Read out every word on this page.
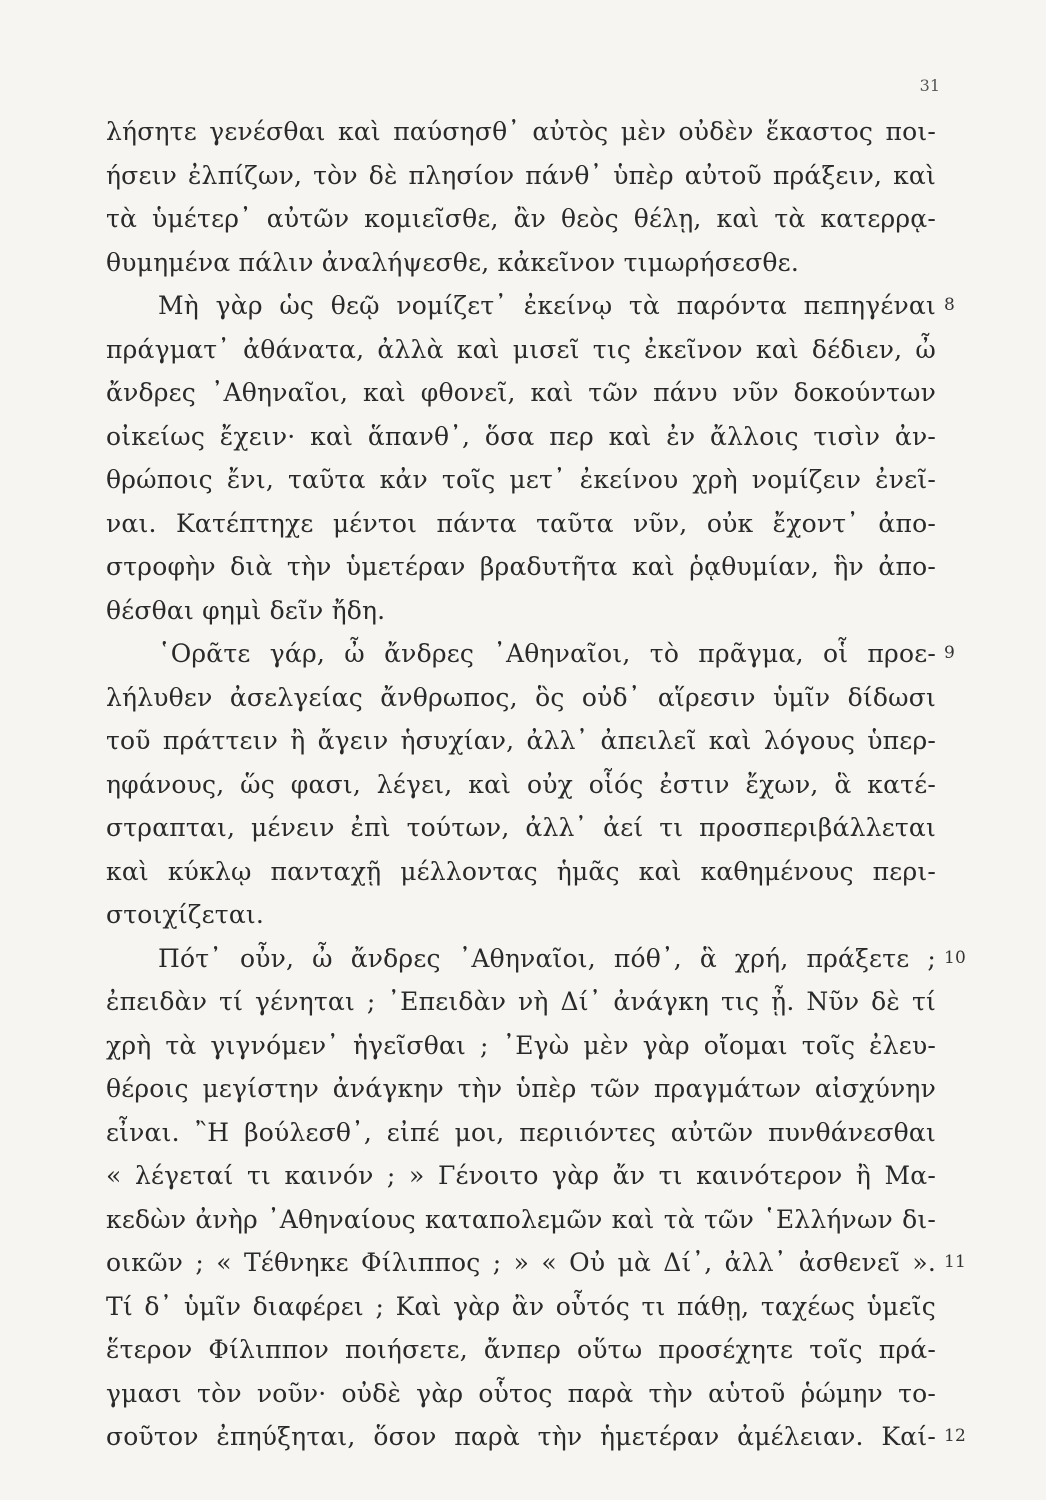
31
λήσητε γενέσθαι καὶ παύσησθ᾽ αὐτὸς μὲν οὐδὲν ἕκαστος ποι-
ήσειν ἐλπίζων, τὸν δὲ πλησίον πάνθ᾽ ὑπὲρ αὐτοῦ πράξειν, καὶ
τὰ ὑμέτερ᾽ αὐτῶν κομιεῖσθε, ἂν θεὸς θέλῃ, καὶ τὰ κατερρᾳ-
θυμημένα πάλιν ἀναλήψεσθε, κἀκεῖνον τιμωρήσεσθε.
Μὴ γὰρ ὡς θεῷ νομίζετ᾽ ἐκείνῳ τὰ παρόντα πεπηγέναι 8
πράγματ᾽ ἀθάνατα, ἀλλὰ καὶ μισεῖ τις ἐκεῖνον καὶ δέδιεν, ὦ
ἄνδρες ᾿Αθηναῖοι, καὶ φθονεῖ, καὶ τῶν πάνυ νῦν δοκούντων
οἰκείως ἔχειν· καὶ ἅπανθ᾽, ὅσα περ καὶ ἐν ἄλλοις τισὶν ἀν-
θρώποις ἔνι, ταῦτα κἀν τοῖς μετ᾽ ἐκείνου χρὴ νομίζειν ἐνεῖ-
ναι. Κατέπτηχε μέντοι πάντα ταῦτα νῦν, οὐκ ἔχοντ᾽ ἀπο-
στροφὴν διὰ τὴν ὑμετέραν βραδυτῆτα καὶ ῥᾳθυμίαν, ἣν ἀπο-
θέσθαι φημὶ δεῖν ἤδη.
῾Ορᾶτε γάρ, ὦ ἄνδρες ᾿Αθηναῖοι, τὸ πρᾶγμα, οἷ προε- 9
λήλυθεν ἀσελγείας ἄνθρωπος, ὃς οὐδ᾽ αἵρεσιν ὑμῖν δίδωσι
τοῦ πράττειν ἢ ἄγειν ἡσυχίαν, ἀλλ᾽ ἀπειλεῖ καὶ λόγους ὑπερ-
ηφάνους, ὥς φασι, λέγει, καὶ οὐχ οἷός ἐστιν ἔχων, ἃ κατέ-
στραπται, μένειν ἐπὶ τούτων, ἀλλ᾽ ἀεί τι προσπεριβάλλεται
καὶ κύκλῳ πανταχῇ μέλλοντας ἡμᾶς καὶ καθημένους περι-
στοιχίζεται.
Πότ᾽ οὖν, ὦ ἄνδρες ᾿Αθηναῖοι, πόθ᾽, ἃ χρή, πράξετε ; 10
ἐπειδὰν τί γένηται ; ᾿Επειδὰν νὴ Δί᾽ ἀνάγκη τις ᾖ. Νῦν δὲ τί
χρὴ τὰ γιγνόμεν᾽ ἡγεῖσθαι ; ᾿Εγὼ μὲν γὰρ οἴομαι τοῖς ἐλευ-
θέροις μεγίστην ἀνάγκην τὴν ὑπὲρ τῶν πραγμάτων αἰσχύνην
εἶναι. ῍Η βούλεσθ᾽, εἰπέ μοι, περιιόντες αὐτῶν πυνθάνεσθαι
« λέγεταί τι καινόν ; » Γένοιτο γὰρ ἄν τι καινότερον ἢ Μα-
κεδὼν ἀνὴρ ᾿Αθηναίους καταπολεμῶν καὶ τὰ τῶν ῾Ελλήνων δι-
οικῶν ; « Τέθνηκε Φίλιππος ; » « Οὐ μὰ Δί᾽, ἀλλ᾽ ἀσθενεῖ ». 11
Τί δ᾽ ὑμῖν διαφέρει ; Καὶ γὰρ ἂν οὗτός τι πάθῃ, ταχέως ὑμεῖς
ἕτερον Φίλιππον ποιήσετε, ἄνπερ οὕτω προσέχητε τοῖς πρά-
γμασι τὸν νοῦν· οὐδὲ γὰρ οὗτος παρὰ τὴν αὑτοῦ ῥώμην το-
σοῦτον ἐπηύξηται, ὅσον παρὰ τὴν ἡμετέραν ἀμέλειαν. Καί- 12
